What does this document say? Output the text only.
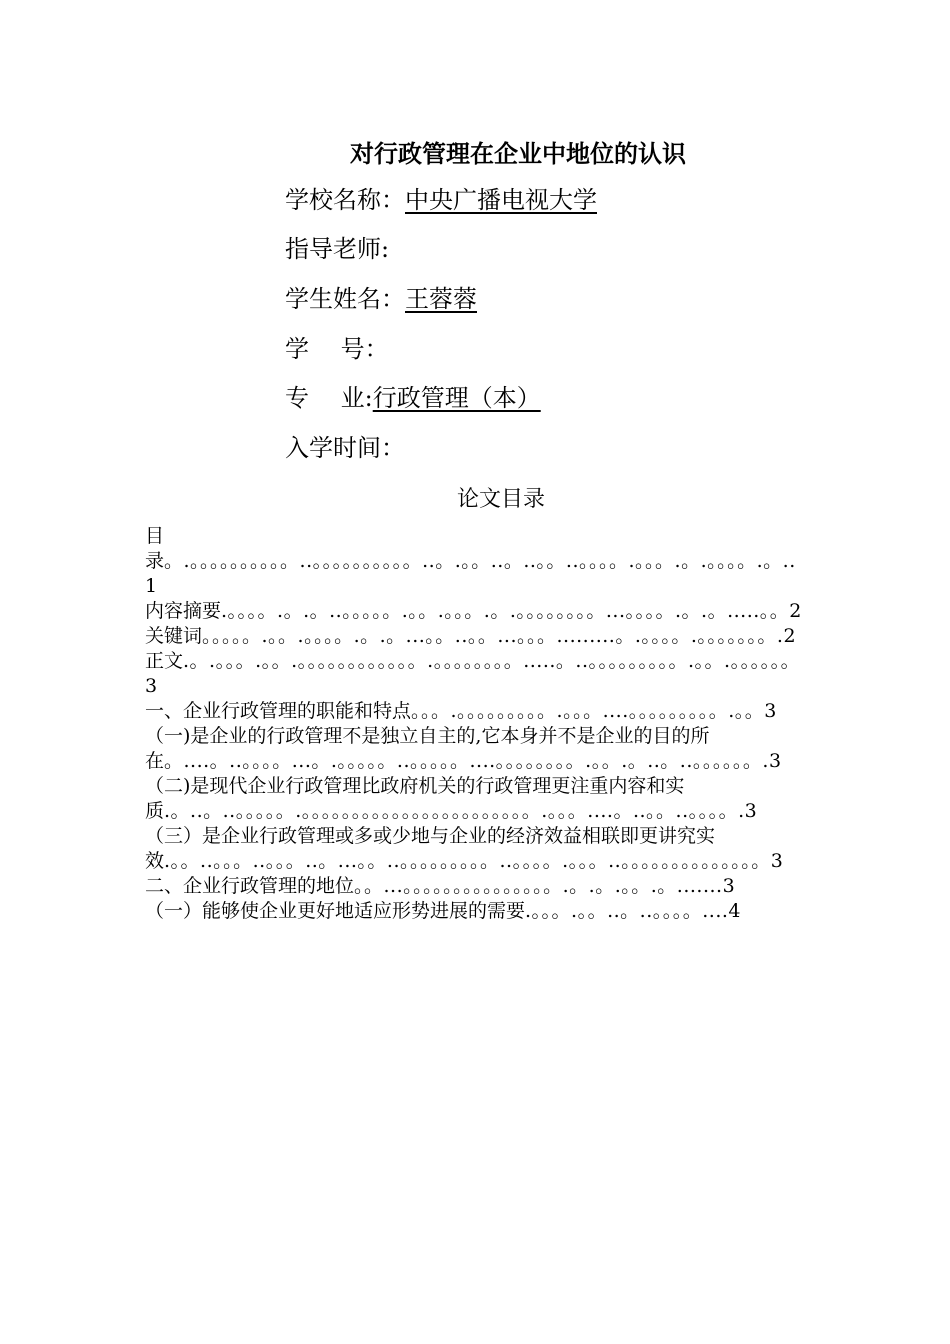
对行政管理在企业中地位的认识
学校名称：中央广播电视大学
指导老师:
学生姓名：王蓉蓉
学　 号：
专　 业:行政管理（本）
入学时间：
论文目录

目录。.。。。。。。。。。。..。。。。。。。。。。..。.。。..。..。。..。。。。.。。。.。.。。。。.。..1

内容摘要.。。。。.。.。..。。。。。.。。.。。。.。.。。。。。。。。...。。。。.。.。.....。。2

关键词。。。。。.。。.。。。。.。.。...。。..。。...。。。.........。.。。。。.。。。。。。。.2

正文.。.。。。.。。.。。。。。。。。。。。。.。。。。。。。。.....。..。。。。。。。。。.。。.。。。。。。3

一、企业行政管理的职能和特点。。。.。。。。。。。。。.。。。....。。。。。。。。。.。。3

（一)是企业的行政管理不是独立自主的,它本身并不是企业的目的所在。....。..。。。。...。.。。。。。..。。。。。....。。。。。。。。.。。.。..。..。。。。。。.3

（二)是现代企业行政管理比政府机关的行政管理更注重内容和实质.。..。..。。。。。.。。。。。。。。。。。。。。。。。。。。。。。.。。。....。..。。..。。。。.3

（三）是企业行政管理或多或少地与企业的经济效益相联即更讲究实效.。。..。。。..。。。..。...。。..。。。。。。。。。..。。。。.。。。..。。。。。。。。。。。。。。3

二、企业行政管理的地位。。...。。。。。。。。。。。。。。。.。.。.。。.。.......3

（一）能够使企业更好地适应形势进展的需要.。。。.。。..。..。。。。....4
